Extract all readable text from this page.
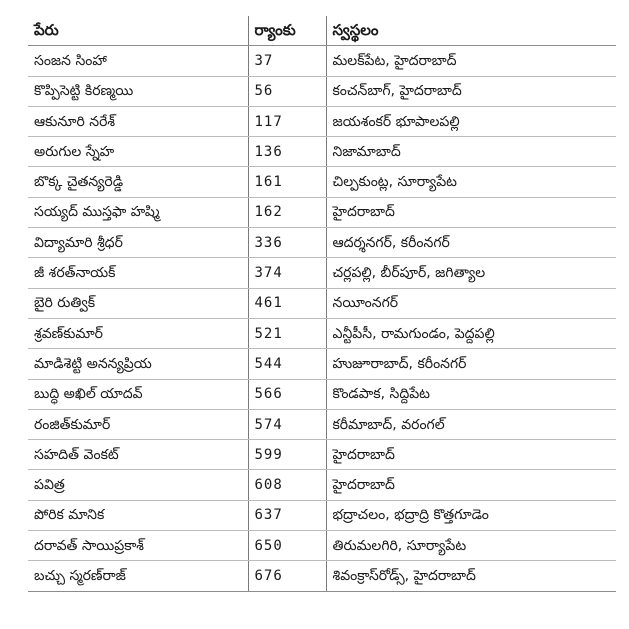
పేరు	ర్యాంకు	స్వస్థలం
సంజన సింహా	37	మలక్‌పేట, హైదరాబాద్‌
కొప్పిసెట్టి కిరణ్మయి	56	కంచన్‌బాగ్‌, హైదరాబాద్‌
ఆకునూరి నరేశ్‌	117	జయశంకర్‌ భూపాలపల్లి
అరుగుల స్నేహ	136	నిజామాబాద్‌
బొక్క చైతన్యరెడ్డి	161	చిల్పకుంట్ల, సూర్యాపేట
సయ్యద్‌ ముస్తఫా హష్మి	162	హైదరాబాద్‌
విద్యామారి శ్రీధర్‌	336	ఆదర్శనగర్‌, కరీంనగర్‌
జీ శరత్‌నాయక్‌	374	చర్లపల్లి, బీర్‌పూర్‌, జగిత్యాల
బైరి రుత్విక్‌	461	నయీంనగర్‌
శ్రవణ్‌కుమార్‌	521	ఎన్టీపీసీ, రామగుండం, పెద్దపల్లి
మాడిశెట్టి అనన్యప్రియ	544	హుజూరాబాద్‌, కరీంనగర్‌
బుద్ధి అఖిల్‌ యాదవ్‌	566	కొండపాక, సిద్దిపేట
రంజిత్‌కుమార్‌	574	కరీమాబాద్‌, వరంగల్‌
సహదిత్‌ వెంకట్‌	599	హైదరాబాద్‌
పవిత్ర	608	హైదరాబాద్‌
పోరిక మానిక	637	భద్రాచలం, భద్రాద్రి కొత్తగూడెం
దరావత్‌ సాయిప్రకాశ్‌	650	తిరుమలగిరి, సూర్యాపేట
బచ్చు స్మరణ్‌రాజ్‌	676	శివంక్రాస్‌రోడ్స్‌, హైదరాబాద్‌
